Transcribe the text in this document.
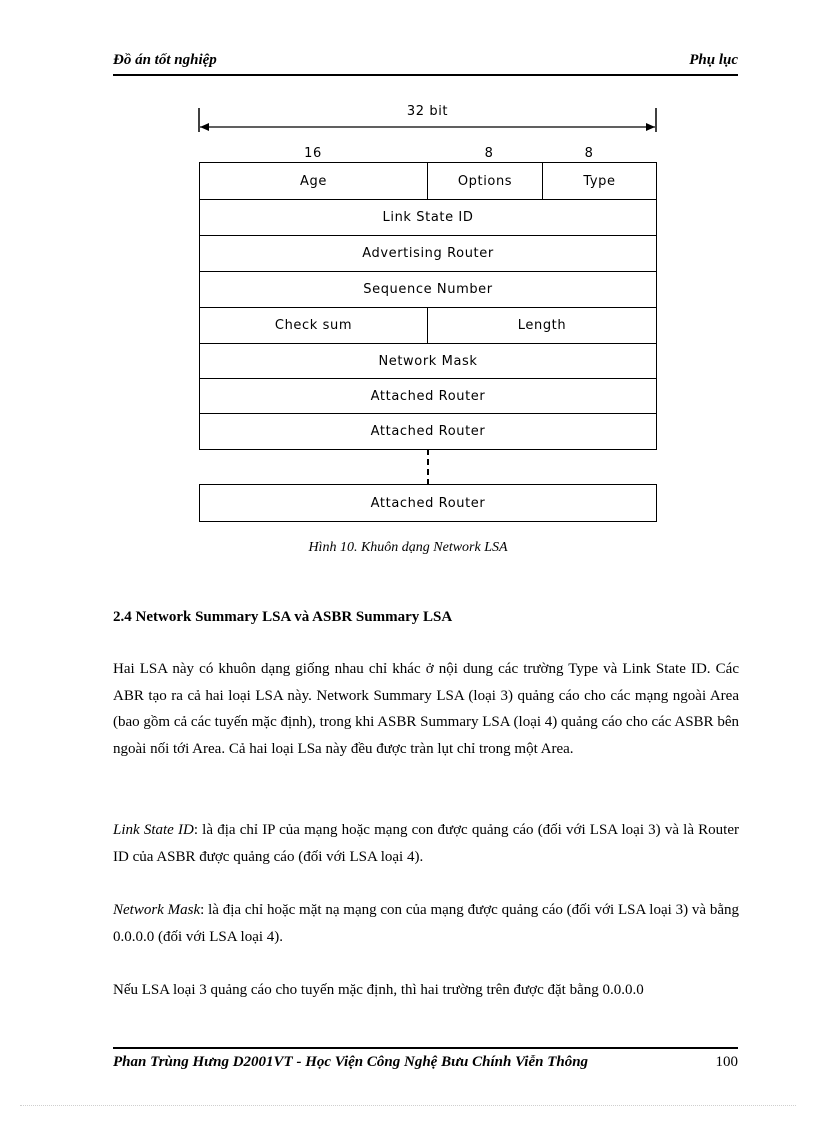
Đồ án tốt nghiệp	Phụ lục
32 bit
16	8	8
Age	Options	Type
Link State ID
Advertising Router
Sequence Number
Check sum	Length
Network Mask
Attached Router
Attached Router
Attached Router
Hình 10. Khuôn dạng Network LSA
2.4 Network Summary LSA và ASBR Summary LSA

Hai LSA này có khuôn dạng giống nhau chỉ khác ở nội dung các trường Type và Link State ID. Các ABR tạo ra cả hai loại LSA này. Network Summary LSA (loại 3) quảng cáo cho các mạng ngoài Area (bao gồm cả các tuyến mặc định), trong khi ASBR Summary LSA (loại 4) quảng cáo cho các ASBR bên ngoài nối tới Area. Cả hai loại LSa này đều được tràn lụt chỉ trong một Area.

Link State ID: là địa chỉ IP của mạng hoặc mạng con được quảng cáo (đối với LSA loại 3) và là Router ID của ASBR được quảng cáo (đối với LSA loại 4).

Network Mask: là địa chỉ hoặc mặt nạ mạng con của mạng được quảng cáo (đối với LSA loại 3) và bằng 0.0.0.0 (đối với LSA loại 4).

Nếu LSA loại 3 quảng cáo cho tuyến mặc định, thì hai trường trên được đặt bằng 0.0.0.0

Phan Trùng Hưng D2001VT - Học Viện Công Nghệ Bưu Chính Viễn Thông	100
